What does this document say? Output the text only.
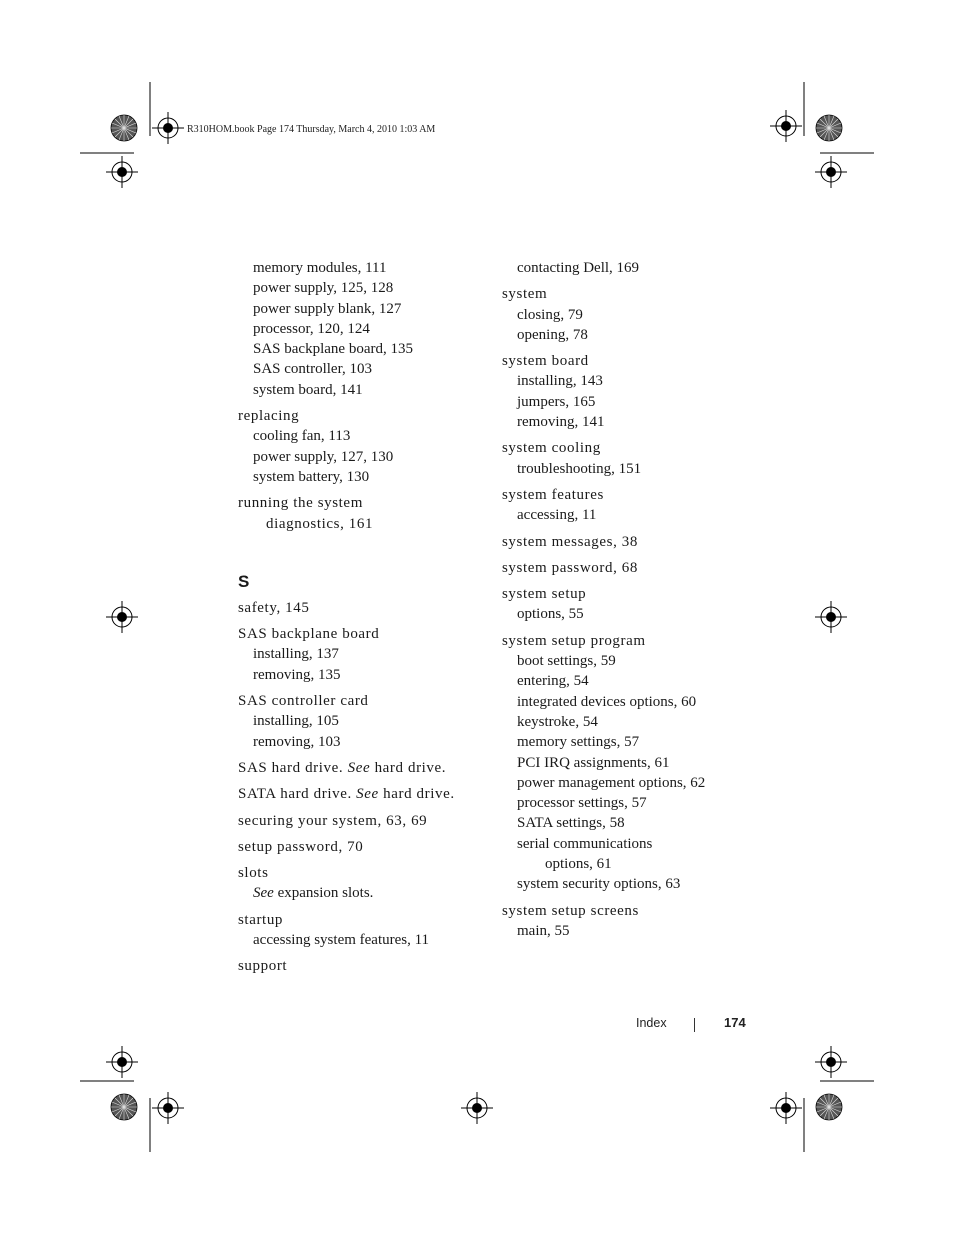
R310HOM.book Page 174 Thursday, March 4, 2010 1:03 AM
memory modules, 111
power supply, 125, 128
power supply blank, 127
processor, 120, 124
SAS backplane board, 135
SAS controller, 103
system board, 141
replacing
cooling fan, 113
power supply, 127, 130
system battery, 130
running the system
diagnostics, 161
S
safety, 145
SAS backplane board
installing, 137
removing, 135
SAS controller card
installing, 105
removing, 103
SAS hard drive. See hard drive.
SATA hard drive. See hard drive.
securing your system, 63, 69
setup password, 70
slots
See expansion slots.
startup
accessing system features, 11
support
contacting Dell, 169
system
closing, 79
opening, 78
system board
installing, 143
jumpers, 165
removing, 141
system cooling
troubleshooting, 151
system features
accessing, 11
system messages, 38
system password, 68
system setup
options, 55
system setup program
boot settings, 59
entering, 54
integrated devices options, 60
keystroke, 54
memory settings, 57
PCI IRQ assignments, 61
power management options, 62
processor settings, 57
SATA settings, 58
serial communications
options, 61
system security options, 63
system setup screens
main, 55
Index	174
